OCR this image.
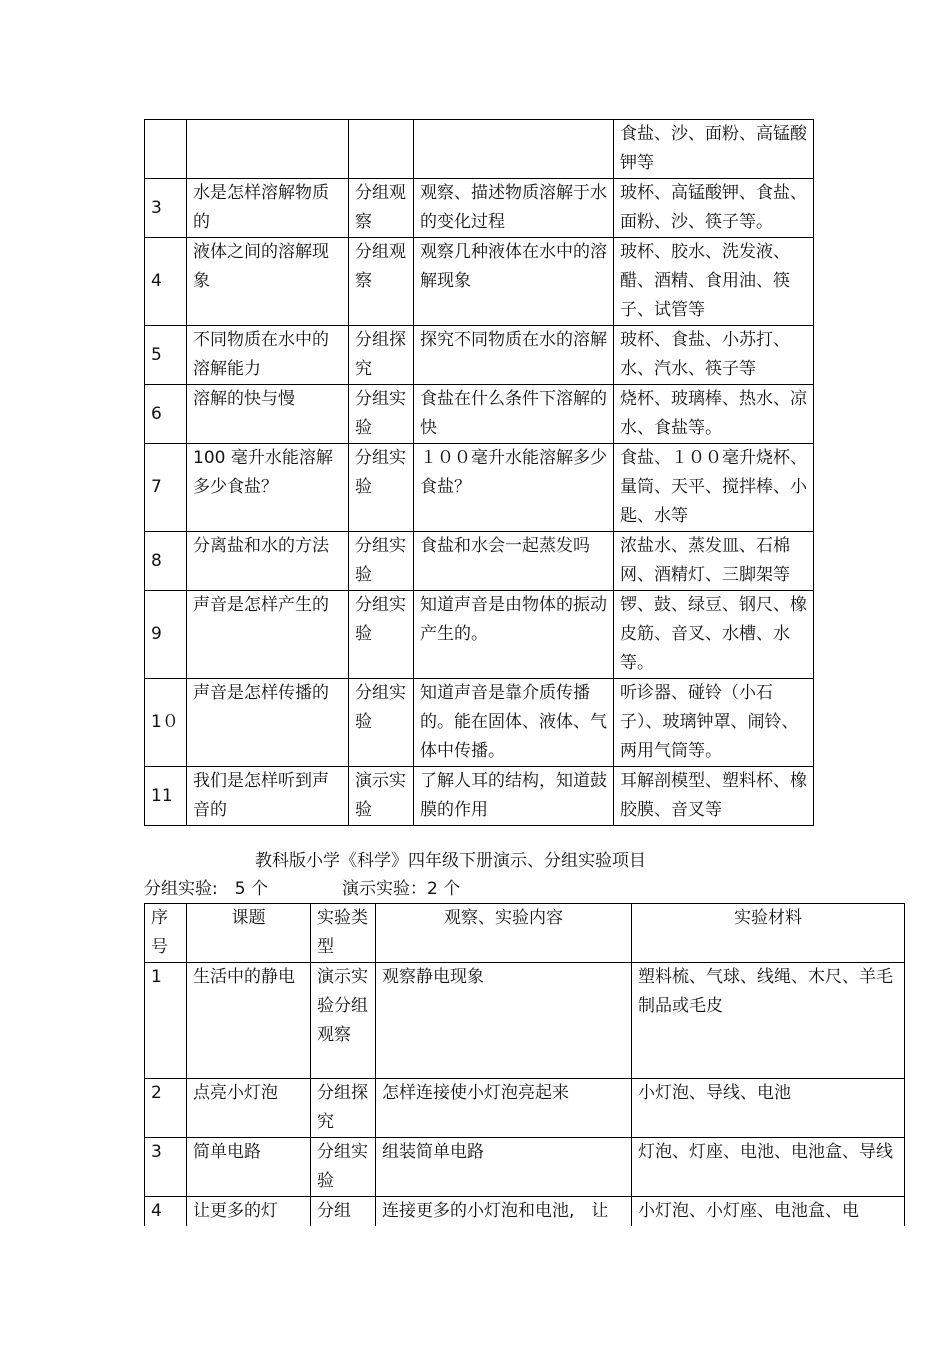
				食盐、沙、面粉、高锰酸钾等
3	水是怎样溶解物质的	分组观察	观察、描述物质溶解于水的变化过程	玻杯、高锰酸钾、食盐、面粉、沙、筷子等。
4	液体之间的溶解现象	分组观察	观察几种液体在水中的溶解现象	玻杯、胶水、洗发液、醋、酒精、食用油、筷子、试管等
5	不同物质在水中的溶解能力	分组探究	探究不同物质在水的溶解	玻杯、食盐、小苏打、水、汽水、筷子等
6	溶解的快与慢	分组实验	食盐在什么条件下溶解的快	烧杯、玻璃棒、热水、凉水、食盐等。
7	100 毫升水能溶解多少食盐？	分组实验	１００毫升水能溶解多少食盐？	食盐、１００毫升烧杯、量筒、天平、搅拌棒、小匙、水等
8	分离盐和水的方法	分组实验	食盐和水会一起蒸发吗	浓盐水、蒸发皿、石棉网、酒精灯、三脚架等
9	声音是怎样产生的	分组实验	知道声音是由物体的振动产生的。	锣、鼓、绿豆、钢尺、橡皮筋、音叉、水槽、水等。
1０	声音是怎样传播的	分组实验	知道声音是靠介质传播的。能在固体、液体、气体中传播。	听诊器、碰铃（小石子）、玻璃钟罩、闹铃、两用气筒等。
11	我们是怎样听到声音的	演示实验	了解人耳的结构，知道鼓膜的作用	耳解剖模型、塑料杯、橡胶膜、音叉等
教科版小学《科学》四年级下册演示、分组实验项目
分组实验:　5 个	演示实验：2 个
序号	课题	实验类型	观察、实验内容	实验材料
1	生活中的静电	演示实验分组观察	观察静电现象	塑料梳、气球、线绳、木尺、羊毛制品或毛皮
2	点亮小灯泡	分组探究	怎样连接使小灯泡亮起来	小灯泡、导线、电池
3	简单电路	分组实验	组装简单电路	灯泡、灯座、电池、电池盒、导线
4	让更多的灯	分组	连接更多的小灯泡和电池,　让	小灯泡、小灯座、电池盒、电
